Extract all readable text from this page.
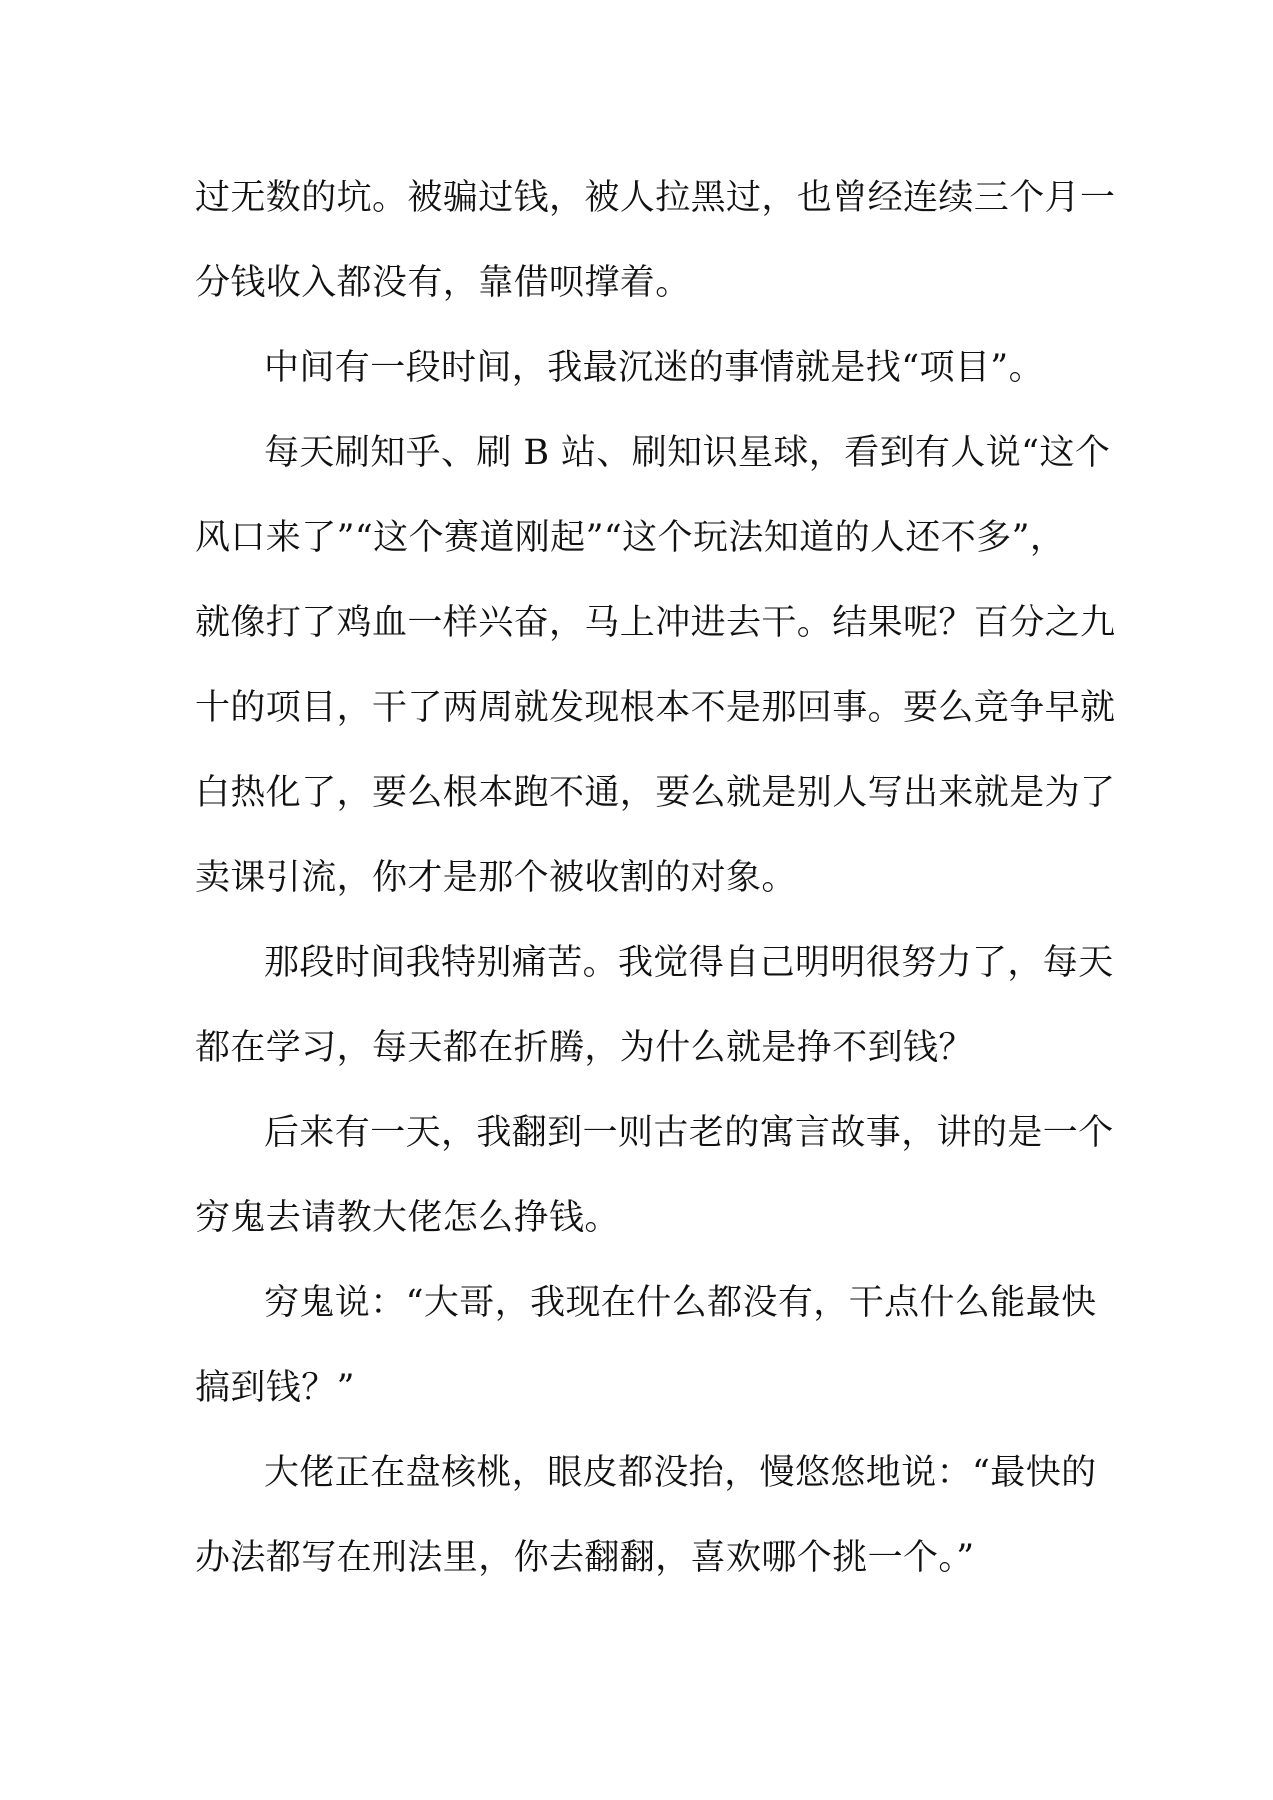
过无数的坑。被骗过钱，被人拉黑过，也曾经连续三个月一

分钱收入都没有，靠借呗撑着。

中间有一段时间，我最沉迷的事情就是找“项目”。

每天刷知乎、刷 B 站、刷知识星球，看到有人说“这个

风口来了”“这个赛道刚起”“这个玩法知道的人还不多”，

就像打了鸡血一样兴奋，马上冲进去干。结果呢？百分之九

十的项目，干了两周就发现根本不是那回事。要么竞争早就

白热化了，要么根本跑不通，要么就是别人写出来就是为了

卖课引流，你才是那个被收割的对象。

那段时间我特别痛苦。我觉得自己明明很努力了，每天

都在学习，每天都在折腾，为什么就是挣不到钱？

后来有一天，我翻到一则古老的寓言故事，讲的是一个

穷鬼去请教大佬怎么挣钱。

穷鬼说：“大哥，我现在什么都没有，干点什么能最快

搞到钱？”

大佬正在盘核桃，眼皮都没抬，慢悠悠地说：“最快的

办法都写在刑法里，你去翻翻，喜欢哪个挑一个。”
